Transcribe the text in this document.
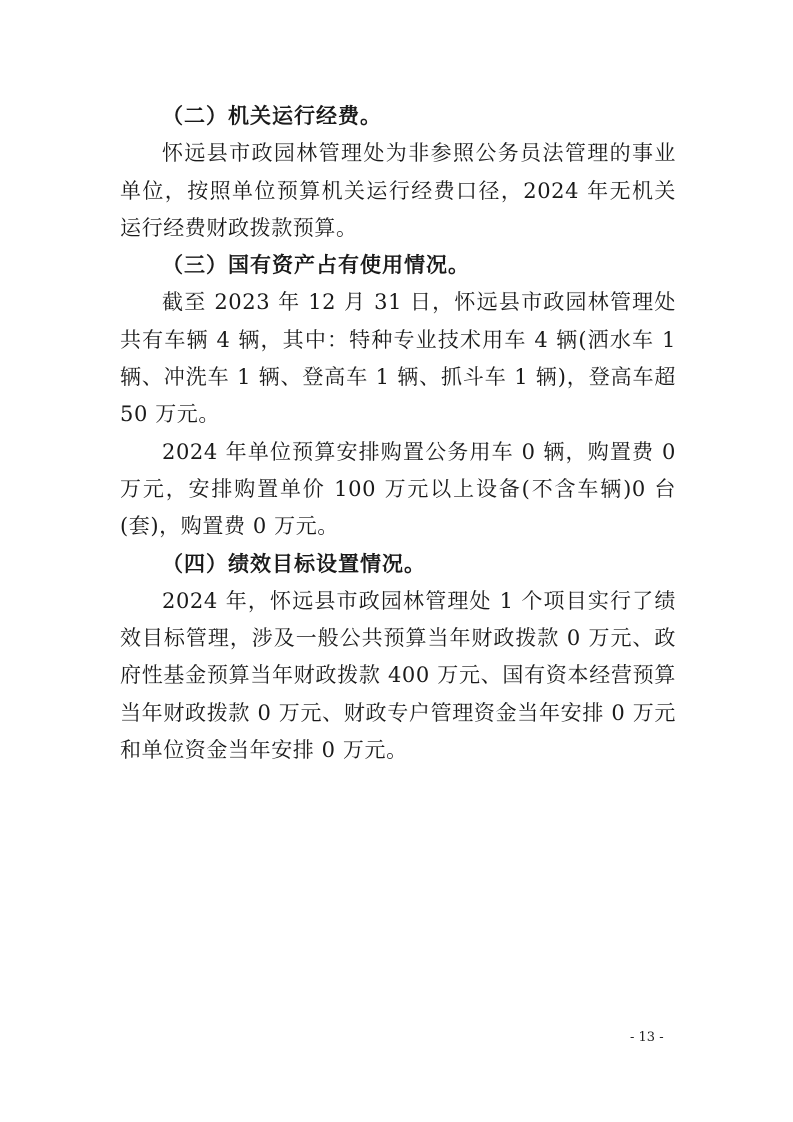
（二）机关运行经费。

怀远县市政园林管理处为非参照公务员法管理的事业单位，按照单位预算机关运行经费口径，2024 年无机关运行经费财政拨款预算。

（三）国有资产占有使用情况。

截至 2023 年 12 月 31 日，怀远县市政园林管理处共有车辆 4 辆，其中：特种专业技术用车 4 辆(洒水车 1 辆、冲洗车 1 辆、登高车 1 辆、抓斗车 1 辆)，登高车超 50 万元。

2024 年单位预算安排购置公务用车 0 辆，购置费 0 万元，安排购置单价 100 万元以上设备(不含车辆)0 台(套)，购置费 0 万元。

（四）绩效目标设置情况。

2024 年，怀远县市政园林管理处 1 个项目实行了绩效目标管理，涉及一般公共预算当年财政拨款 0 万元、政府性基金预算当年财政拨款 400 万元、国有资本经营预算当年财政拨款 0 万元、财政专户管理资金当年安排 0 万元和单位资金当年安排 0 万元。

- 13 -
